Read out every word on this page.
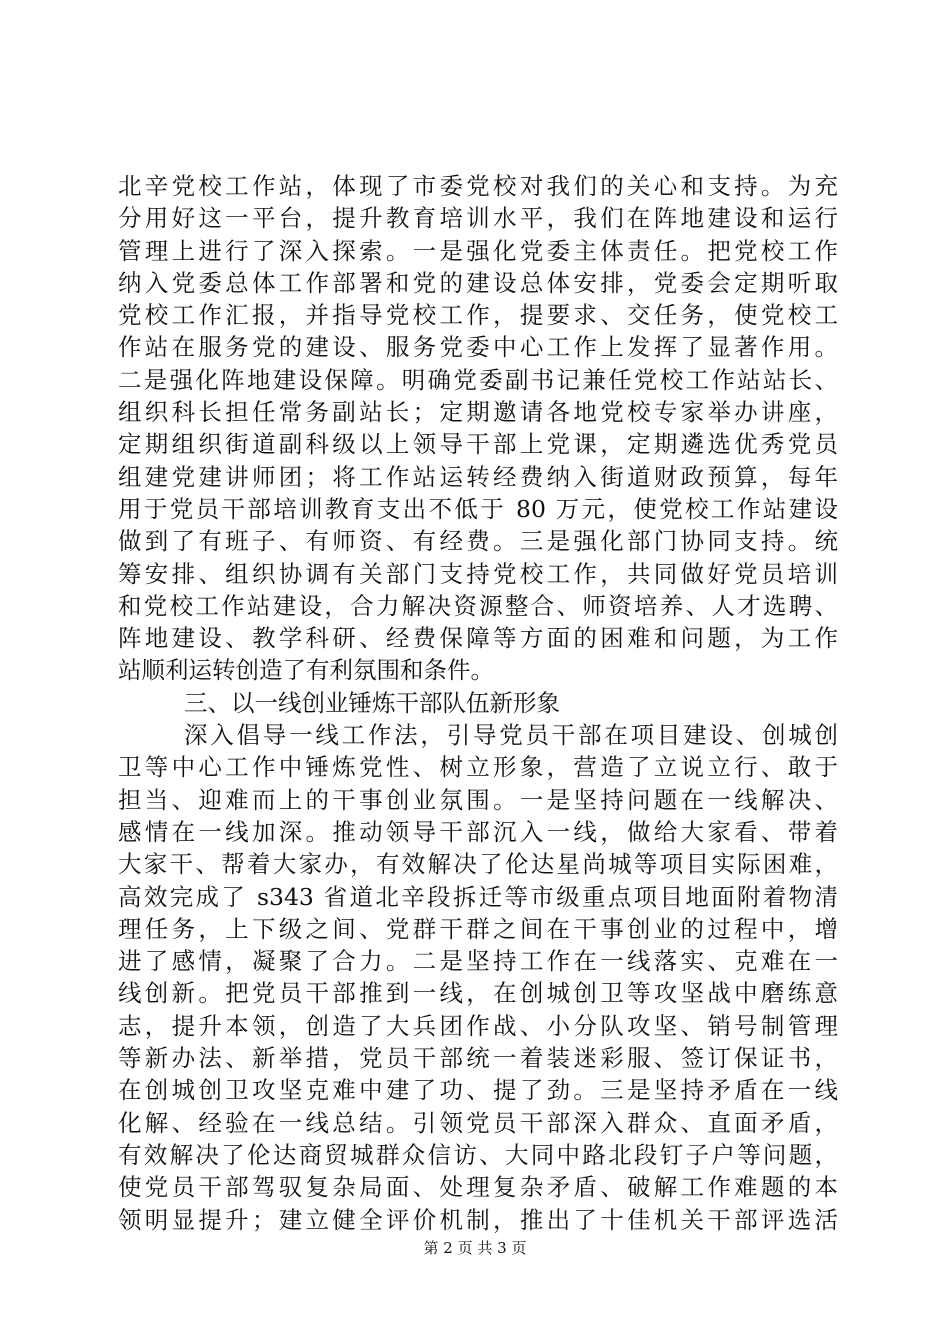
北辛党校工作站，体现了市委党校对我们的关心和支持。为充
分用好这一平台，提升教育培训水平，我们在阵地建设和运行
管理上进行了深入探索。一是强化党委主体责任。把党校工作
纳入党委总体工作部署和党的建设总体安排，党委会定期听取
党校工作汇报，并指导党校工作，提要求、交任务，使党校工
作站在服务党的建设、服务党委中心工作上发挥了显著作用。
二是强化阵地建设保障。明确党委副书记兼任党校工作站站长、
组织科长担任常务副站长；定期邀请各地党校专家举办讲座，
定期组织街道副科级以上领导干部上党课，定期遴选优秀党员
组建党建讲师团；将工作站运转经费纳入街道财政预算，每年
用于党员干部培训教育支出不低于 80 万元，使党校工作站建设
做到了有班子、有师资、有经费。三是强化部门协同支持。统
筹安排、组织协调有关部门支持党校工作，共同做好党员培训
和党校工作站建设，合力解决资源整合、师资培养、人才选聘、
阵地建设、教学科研、经费保障等方面的困难和问题，为工作
站顺利运转创造了有利氛围和条件。
三、以一线创业锤炼干部队伍新形象
深入倡导一线工作法，引导党员干部在项目建设、创城创
卫等中心工作中锤炼党性、树立形象，营造了立说立行、敢于
担当、迎难而上的干事创业氛围。一是坚持问题在一线解决、
感情在一线加深。推动领导干部沉入一线，做给大家看、带着
大家干、帮着大家办，有效解决了伦达星尚城等项目实际困难，
高效完成了 s343 省道北辛段拆迁等市级重点项目地面附着物清
理任务，上下级之间、党群干群之间在干事创业的过程中，增
进了感情，凝聚了合力。二是坚持工作在一线落实、克难在一
线创新。把党员干部推到一线，在创城创卫等攻坚战中磨练意
志，提升本领，创造了大兵团作战、小分队攻坚、销号制管理
等新办法、新举措，党员干部统一着装迷彩服、签订保证书，
在创城创卫攻坚克难中建了功、提了劲。三是坚持矛盾在一线
化解、经验在一线总结。引领党员干部深入群众、直面矛盾，
有效解决了伦达商贸城群众信访、大同中路北段钉子户等问题，
使党员干部驾驭复杂局面、处理复杂矛盾、破解工作难题的本
领明显提升；建立健全评价机制，推出了十佳机关干部评选活
第 2 页 共 3 页
